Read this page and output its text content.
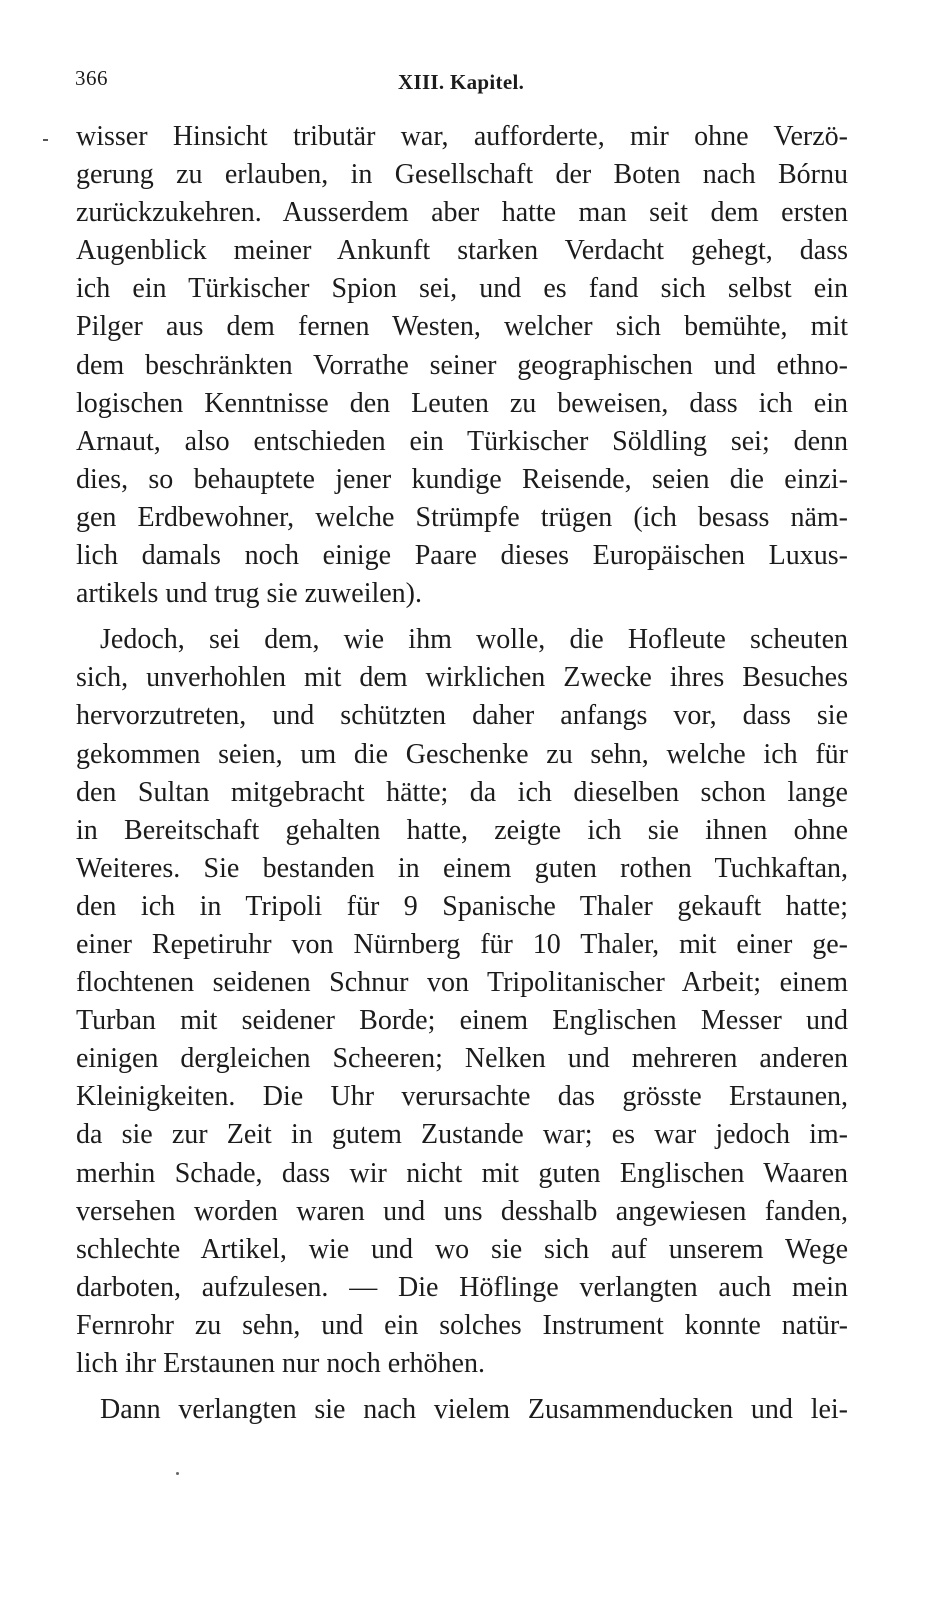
366	XIII. Kapitel.
wisser Hinsicht tributär war, aufforderte, mir ohne Verzö-
gerung zu erlauben, in Gesellschaft der Boten nach Bórnu
zurückzukehren. Ausserdem aber hatte man seit dem ersten
Augenblick meiner Ankunft starken Verdacht gehegt, dass
ich ein Türkischer Spion sei, und es fand sich selbst ein
Pilger aus dem fernen Westen, welcher sich bemühte, mit
dem beschränkten Vorrathe seiner geographischen und ethno-
logischen Kenntnisse den Leuten zu beweisen, dass ich ein
Arnaut, also entschieden ein Türkischer Söldling sei; denn
dies, so behauptete jener kundige Reisende, seien die einzi-
gen Erdbewohner, welche Strümpfe trügen (ich besass näm-
lich damals noch einige Paare dieses Europäischen Luxus-
artikels und trug sie zuweilen).
Jedoch, sei dem, wie ihm wolle, die Hofleute scheuten
sich, unverhohlen mit dem wirklichen Zwecke ihres Besuches
hervorzutreten, und schützten daher anfangs vor, dass sie
gekommen seien, um die Geschenke zu sehn, welche ich für
den Sultan mitgebracht hätte; da ich dieselben schon lange
in Bereitschaft gehalten hatte, zeigte ich sie ihnen ohne
Weiteres. Sie bestanden in einem guten rothen Tuchkaftan,
den ich in Tripoli für 9 Spanische Thaler gekauft hatte;
einer Repetiruhr von Nürnberg für 10 Thaler, mit einer ge-
flochtenen seidenen Schnur von Tripolitanischer Arbeit; einem
Turban mit seidener Borde; einem Englischen Messer und
einigen dergleichen Scheeren; Nelken und mehreren anderen
Kleinigkeiten. Die Uhr verursachte das grösste Erstaunen,
da sie zur Zeit in gutem Zustande war; es war jedoch im-
merhin Schade, dass wir nicht mit guten Englischen Waaren
versehen worden waren und uns desshalb angewiesen fanden,
schlechte Artikel, wie und wo sie sich auf unserem Wege
darboten, aufzulesen. — Die Höflinge verlangten auch mein
Fernrohr zu sehn, und ein solches Instrument konnte natür-
lich ihr Erstaunen nur noch erhöhen.
Dann verlangten sie nach vielem Zusammenducken und lei-
